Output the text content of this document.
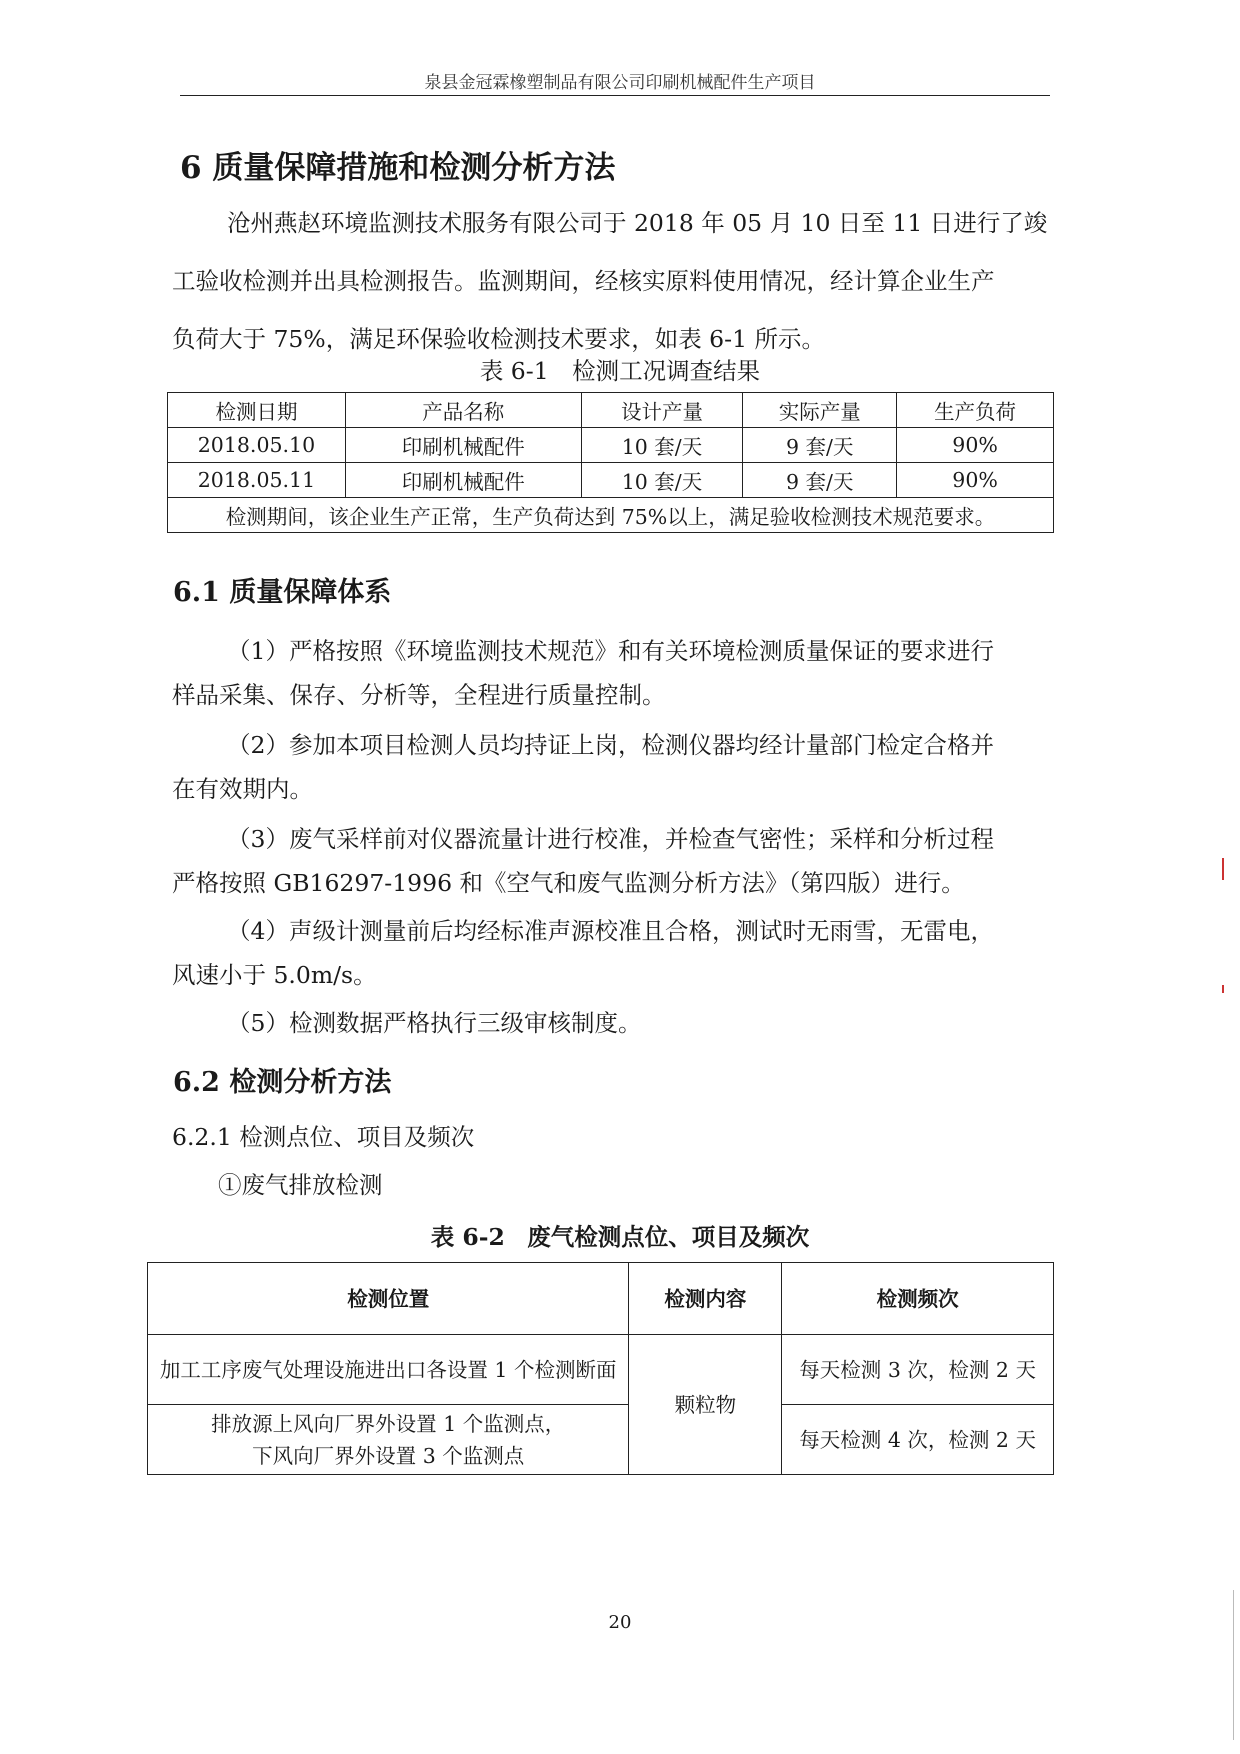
泉县金冠霖橡塑制品有限公司印刷机械配件生产项目
6 质量保障措施和检测分析方法
沧州燕赵环境监测技术服务有限公司于 2018 年 05 月 10 日至 11 日进行了竣
工验收检测并出具检测报告。监测期间，经核实原料使用情况，经计算企业生产
负荷大于 75%，满足环保验收检测技术要求，如表 6-1 所示。
表 6-1　检测工况调查结果
检测日期	产品名称	设计产量	实际产量	生产负荷
2018.05.10	印刷机械配件	10 套/天	9 套/天	90%
2018.05.11	印刷机械配件	10 套/天	9 套/天	90%
检测期间，该企业生产正常，生产负荷达到 75%以上，满足验收检测技术规范要求。				
6.1 质量保障体系
（1）严格按照《环境监测技术规范》和有关环境检测质量保证的要求进行
样品采集、保存、分析等，全程进行质量控制。
（2）参加本项目检测人员均持证上岗，检测仪器均经计量部门检定合格并
在有效期内。
（3）废气采样前对仪器流量计进行校准，并检查气密性；采样和分析过程
严格按照 GB16297-1996 和《空气和废气监测分析方法》（第四版）进行。
（4）声级计测量前后均经标准声源校准且合格，测试时无雨雪，无雷电，
风速小于 5.0m/s。
（5）检测数据严格执行三级审核制度。
6.2 检测分析方法
6.2.1 检测点位、项目及频次
①废气排放检测
表 6-2 废气检测点位、项目及频次
检测位置	检测内容	检测频次
加工工序废气处理设施进出口各设置 1 个检测断面	颗粒物	每天检测 3 次，检测 2 天

排放源上风向厂界外设置 1 个监测点，
下风向厂界外设置 3 个监测点		每天检测 4 次，检测 2 天
20
